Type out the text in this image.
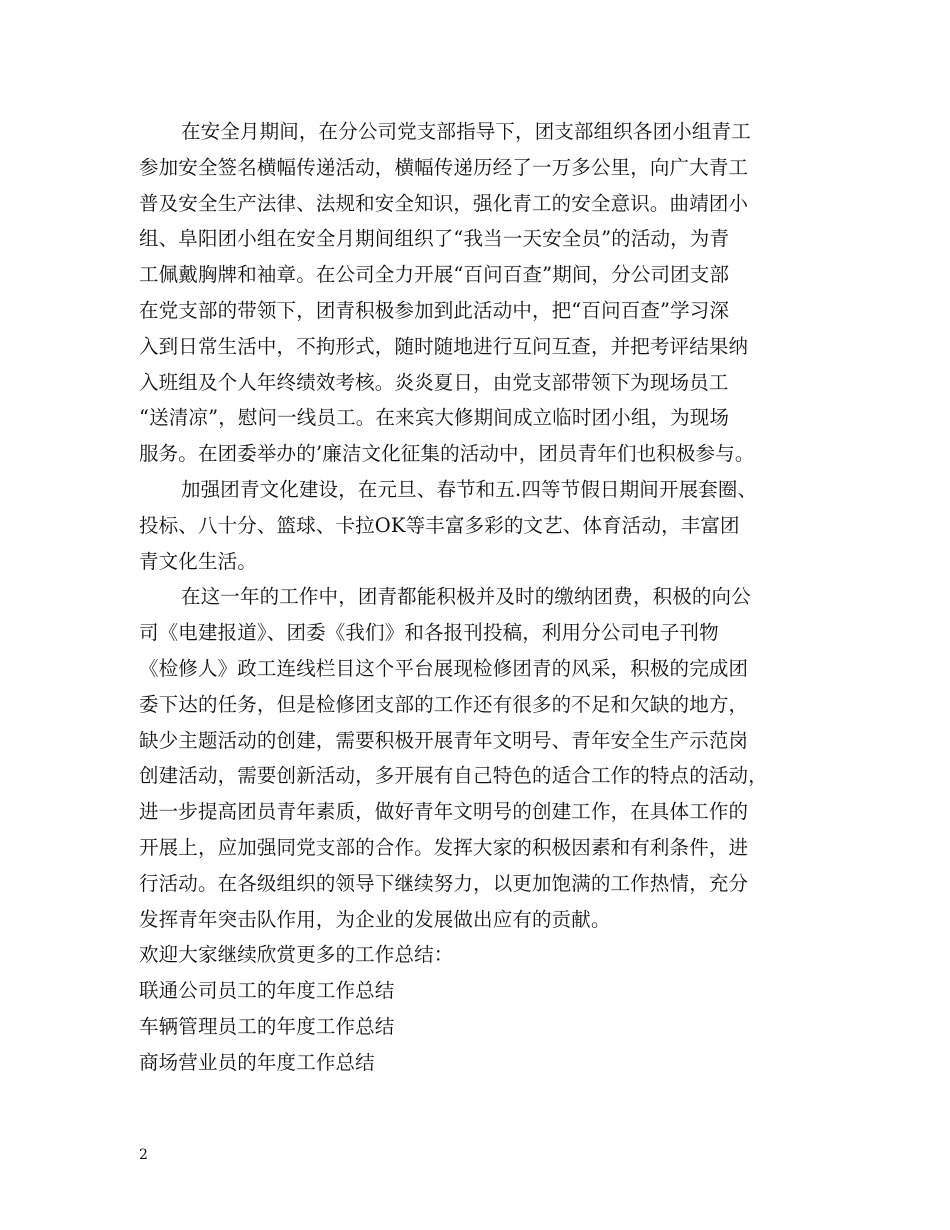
在安全月期间，在分公司党支部指导下，团支部组织各团小组青工
参加安全签名横幅传递活动，横幅传递历经了一万多公里，向广大青工
普及安全生产法律、法规和安全知识，强化青工的安全意识。曲靖团小
组、阜阳团小组在安全月期间组织了“我当一天安全员”的活动，为青
工佩戴胸牌和袖章。在公司全力开展“百问百查”期间，分公司团支部
在党支部的带领下，团青积极参加到此活动中，把“百问百查”学习深
入到日常生活中，不拘形式，随时随地进行互问互查，并把考评结果纳
入班组及个人年终绩效考核。炎炎夏日，由党支部带领下为现场员工
“送清凉”，慰问一线员工。在来宾大修期间成立临时团小组，为现场
服务。在团委举办的’廉洁文化征集的活动中，团员青年们也积极参与。
加强团青文化建设，在元旦、春节和五.四等节假日期间开展套圈、
投标、八十分、篮球、卡拉OK等丰富多彩的文艺、体育活动，丰富团
青文化生活。
在这一年的工作中，团青都能积极并及时的缴纳团费，积极的向公
司《电建报道》、团委《我们》和各报刊投稿，利用分公司电子刊物
《检修人》政工连线栏目这个平台展现检修团青的风采，积极的完成团
委下达的任务，但是检修团支部的工作还有很多的不足和欠缺的地方，
缺少主题活动的创建，需要积极开展青年文明号、青年安全生产示范岗
创建活动，需要创新活动，多开展有自己特色的适合工作的特点的活动，
进一步提高团员青年素质，做好青年文明号的创建工作，在具体工作的
开展上，应加强同党支部的合作。发挥大家的积极因素和有利条件，进
行活动。在各级组织的领导下继续努力，以更加饱满的工作热情，充分
发挥青年突击队作用，为企业的发展做出应有的贡献。
欢迎大家继续欣赏更多的工作总结：
联通公司员工的年度工作总结
车辆管理员工的年度工作总结
商场营业员的年度工作总结
2
